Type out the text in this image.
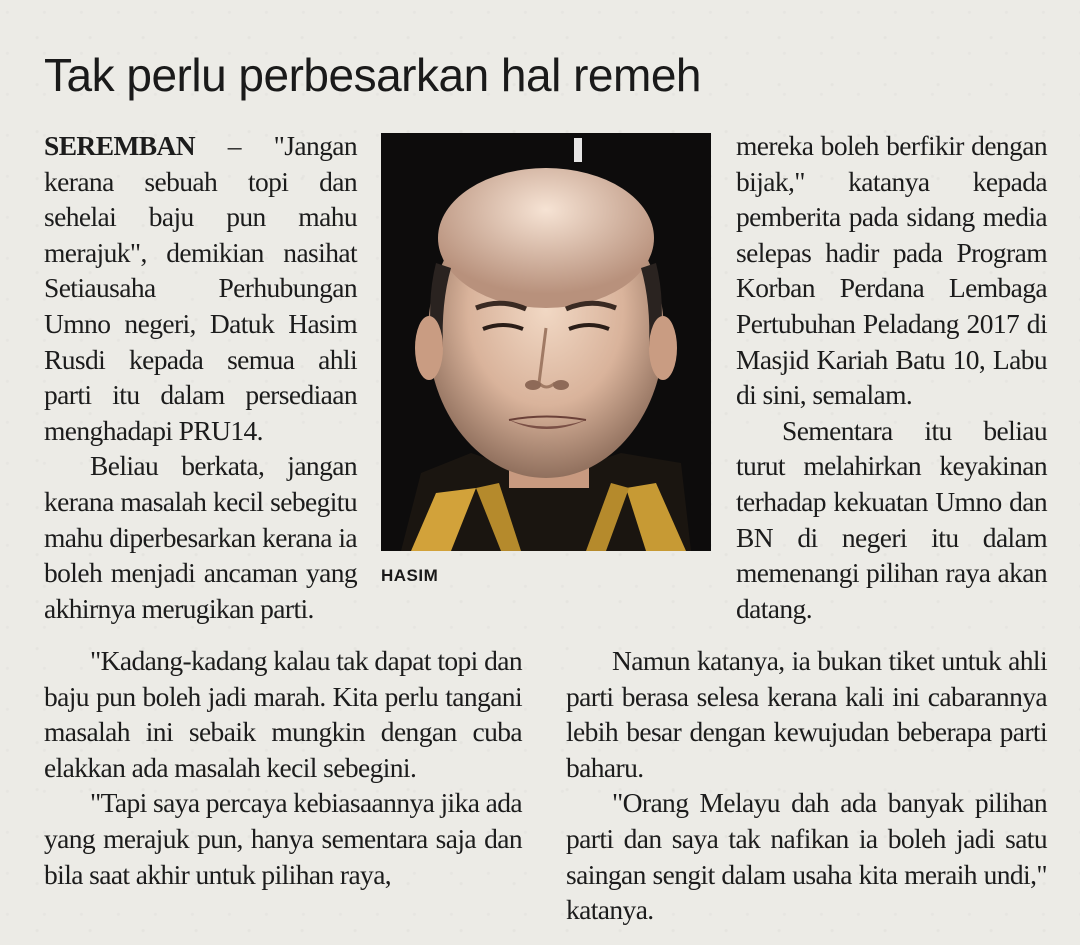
Tak perlu perbesarkan hal remeh

SEREMBAN – "Jangan kerana sebuah topi dan sehelai baju pun mahu merajuk", demikian nasihat Setiausaha Perhubungan Umno negeri, Datuk Hasim Rusdi kepada semua ahli parti itu dalam persediaan menghadapi PRU14.

Beliau berkata, jangan kerana masalah kecil sebegitu mahu diperbesarkan kerana ia boleh menjadi ancaman yang akhirnya merugikan parti.

HASIM

mereka boleh berfikir dengan bijak," katanya kepada pemberita pada sidang media selepas hadir pada Program Korban Perdana Lembaga Pertubuhan Peladang 2017 di Masjid Kariah Batu 10, Labu di sini, semalam.

Sementara itu beliau turut melahirkan keyakinan terhadap kekuatan Umno dan BN di negeri itu dalam memenangi pilihan raya akan datang.

"Kadang-kadang kalau tak dapat topi dan baju pun boleh jadi marah. Kita perlu tangani masalah ini sebaik mungkin dengan cuba elakkan ada masalah kecil sebegini.

"Tapi saya percaya kebiasaannya jika ada yang merajuk pun, hanya sementara saja dan bila saat akhir untuk pilihan raya,

Namun katanya, ia bukan tiket untuk ahli parti berasa selesa kerana kali ini cabarannya lebih besar dengan kewujudan beberapa parti baharu.

"Orang Melayu dah ada banyak pilihan parti dan saya tak nafikan ia boleh jadi satu saingan sengit dalam usaha kita meraih undi," katanya.
